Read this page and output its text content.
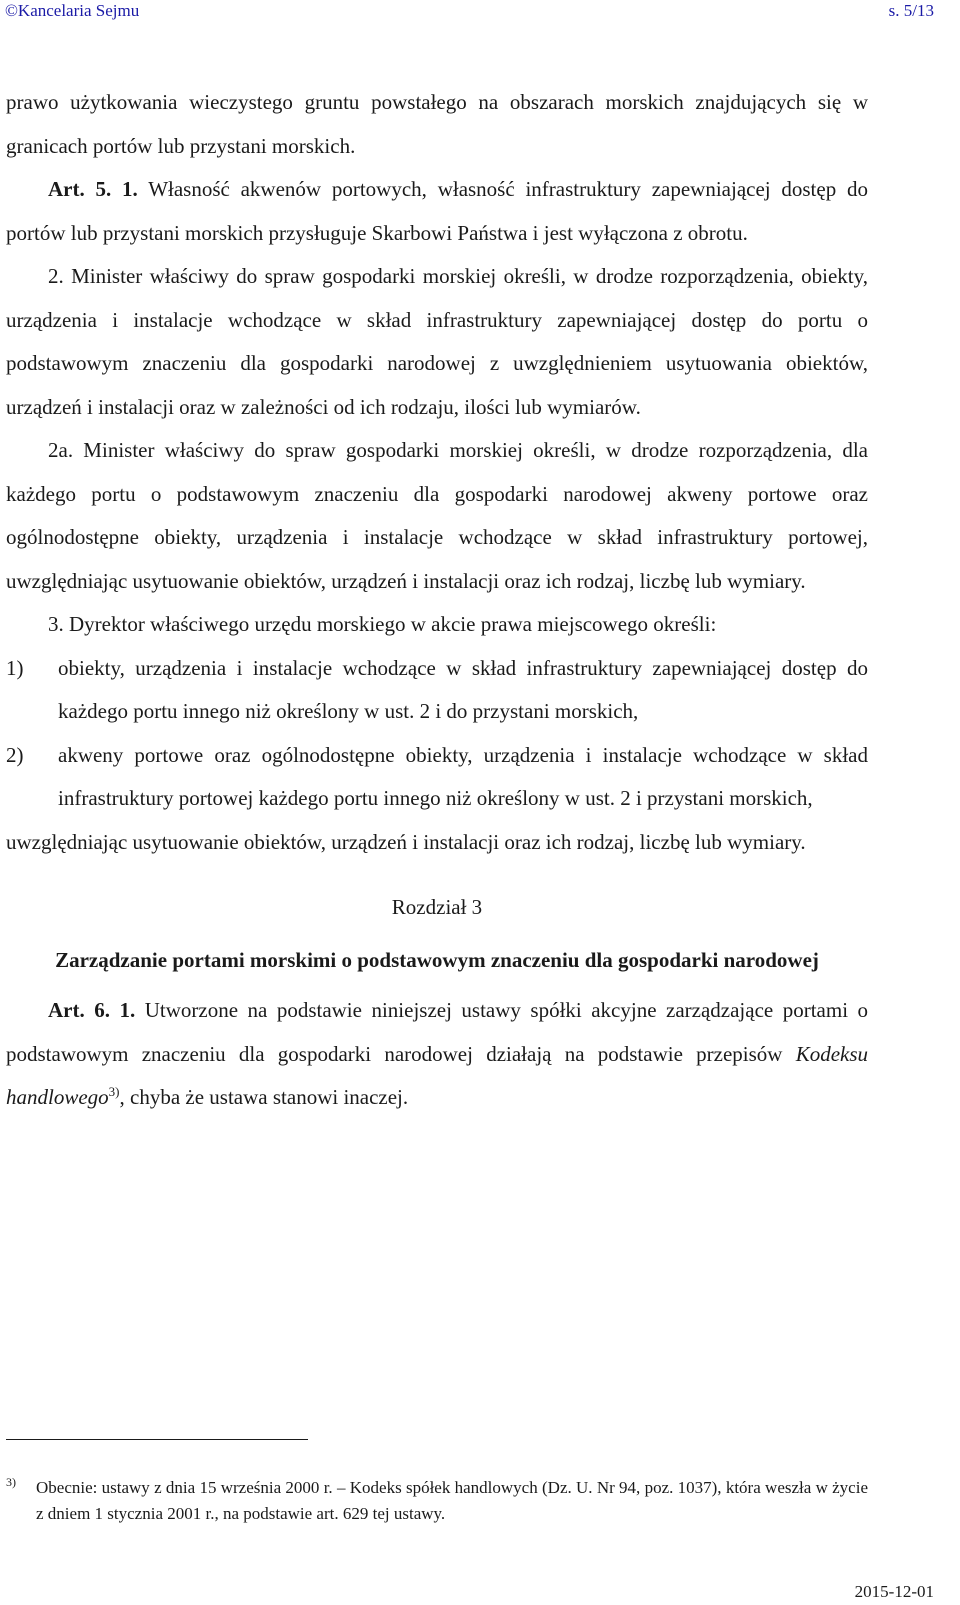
©Kancelaria Sejmu	s. 5/13

prawo użytkowania wieczystego gruntu powstałego na obszarach morskich znajdujących się w granicach portów lub przystani morskich.

Art. 5. 1. Własność akwenów portowych, własność infrastruktury zapewniającej dostęp do portów lub przystani morskich przysługuje Skarbowi Państwa i jest wyłączona z obrotu.

2. Minister właściwy do spraw gospodarki morskiej określi, w drodze rozporządzenia, obiekty, urządzenia i instalacje wchodzące w skład infrastruktury zapewniającej dostęp do portu o podstawowym znaczeniu dla gospodarki narodowej z uwzględnieniem usytuowania obiektów, urządzeń i instalacji oraz w zależności od ich rodzaju, ilości lub wymiarów.

2a. Minister właściwy do spraw gospodarki morskiej określi, w drodze rozporządzenia, dla każdego portu o podstawowym znaczeniu dla gospodarki narodowej akweny portowe oraz ogólnodostępne obiekty, urządzenia i instalacje wchodzące w skład infrastruktury portowej, uwzględniając usytuowanie obiektów, urządzeń i instalacji oraz ich rodzaj, liczbę lub wymiary.

3. Dyrektor właściwego urzędu morskiego w akcie prawa miejscowego określi:

1)	obiekty, urządzenia i instalacje wchodzące w skład infrastruktury zapewniającej dostęp do każdego portu innego niż określony w ust. 2 i do przystani morskich,
2)	akweny portowe oraz ogólnodostępne obiekty, urządzenia i instalacje wchodzące w skład infrastruktury portowej każdego portu innego niż określony w ust. 2 i przystani morskich,

uwzględniając usytuowanie obiektów, urządzeń i instalacji oraz ich rodzaj, liczbę lub wymiary.

Rozdział 3

Zarządzanie portami morskimi o podstawowym znaczeniu dla gospodarki narodowej

Art. 6. 1. Utworzone na podstawie niniejszej ustawy spółki akcyjne zarządzające portami o podstawowym znaczeniu dla gospodarki narodowej działają na podstawie przepisów Kodeksu handlowego$^{3)}$, chyba że ustawa stanowi inaczej.

3) Obecnie: ustawy z dnia 15 września 2000 r. – Kodeks spółek handlowych (Dz. U. Nr 94, poz. 1037), która weszła w życie z dniem 1 stycznia 2001 r., na podstawie art. 629 tej ustawy.

2015-12-01
